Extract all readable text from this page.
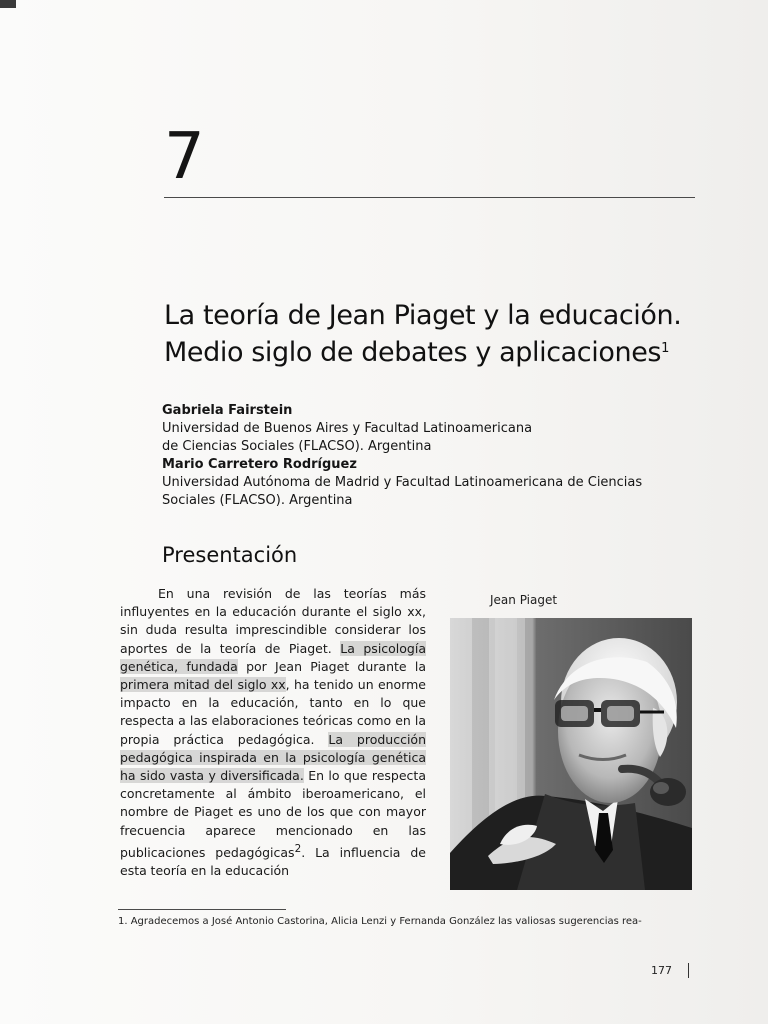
7
La teoría de Jean Piaget y la educación.
Medio siglo de debates y aplicaciones$^1$
Gabriela Fairstein
Universidad de Buenos Aires y Facultad Latinoamericana
de Ciencias Sociales (FLACSO). Argentina
Mario Carretero Rodríguez
Universidad Autónoma de Madrid y Facultad Latinoamericana de Ciencias
Sociales (FLACSO). Argentina
Presentación
En una revisión de las teorías más influyentes en la educación durante el siglo xx, sin duda resulta imprescindible considerar los aportes de la teoría de Piaget. La psicología genética, fundada por Jean Piaget durante la primera mitad del siglo xx, ha tenido un enorme impacto en la educación, tanto en lo que respecta a las elaboraciones teóricas como en la propia práctica pedagógica. La producción pedagógica inspirada en la psicología genética ha sido vasta y diversificada. En lo que respecta concretamente al ámbito iberoamericano, el nombre de Piaget es uno de los que con mayor frecuencia aparece mencionado en las publicaciones pedagógicas$^2$. La influencia de esta teoría en la educación
Jean Piaget
1. Agradecemos a José Antonio Castorina, Alicia Lenzi y Fernanda González las valiosas sugerencias rea-
177
